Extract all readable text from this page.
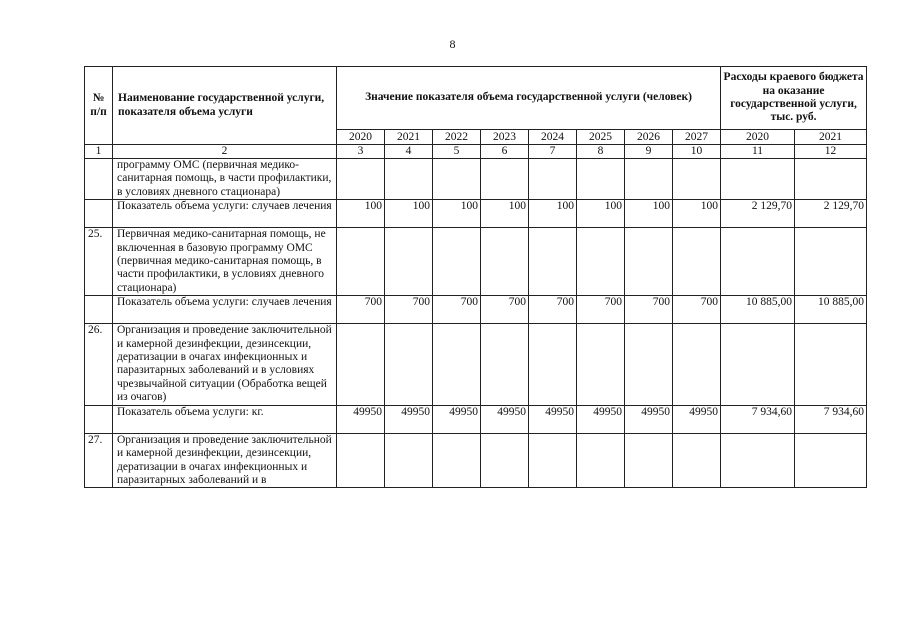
8
№ п/п	Наименование государственной услуги, показателя объема услуги	Значение показателя объема государственной услуги (человек)								Расходы краевого бюджета на оказание государственной услуги, тыс. руб.	
		2020	2021	2022	2023	2024	2025	2026	2027	2020	2021
1	2	3	4	5	6	7	8	9	10	11	12
	программу ОМС (первичная медико-санитарная помощь, в части профилактики, в условиях дневного стационара)										
	Показатель объема услуги: случаев лечения	100	100	100	100	100	100	100	100	2 129,70	2 129,70
25.	Первичная медико-санитарная помощь, не включенная в базовую программу ОМС (первичная медико-санитарная помощь, в части профилактики, в условиях дневного стационара)										
	Показатель объема услуги: случаев лечения	700	700	700	700	700	700	700	700	10 885,00	10 885,00
26.	Организация и проведение заключительной и камерной дезинфекции, дезинсекции, дератизации в очагах инфекционных и паразитарных заболеваний и в условиях чрезвычайной ситуации (Обработка вещей из очагов)										
	Показатель объема услуги: кг.	49950	49950	49950	49950	49950	49950	49950	49950	7 934,60	7 934,60
27.	Организация и проведение заключительной и камерной дезинфекции, дезинсекции, дератизации в очагах инфекционных и паразитарных заболеваний и в										
